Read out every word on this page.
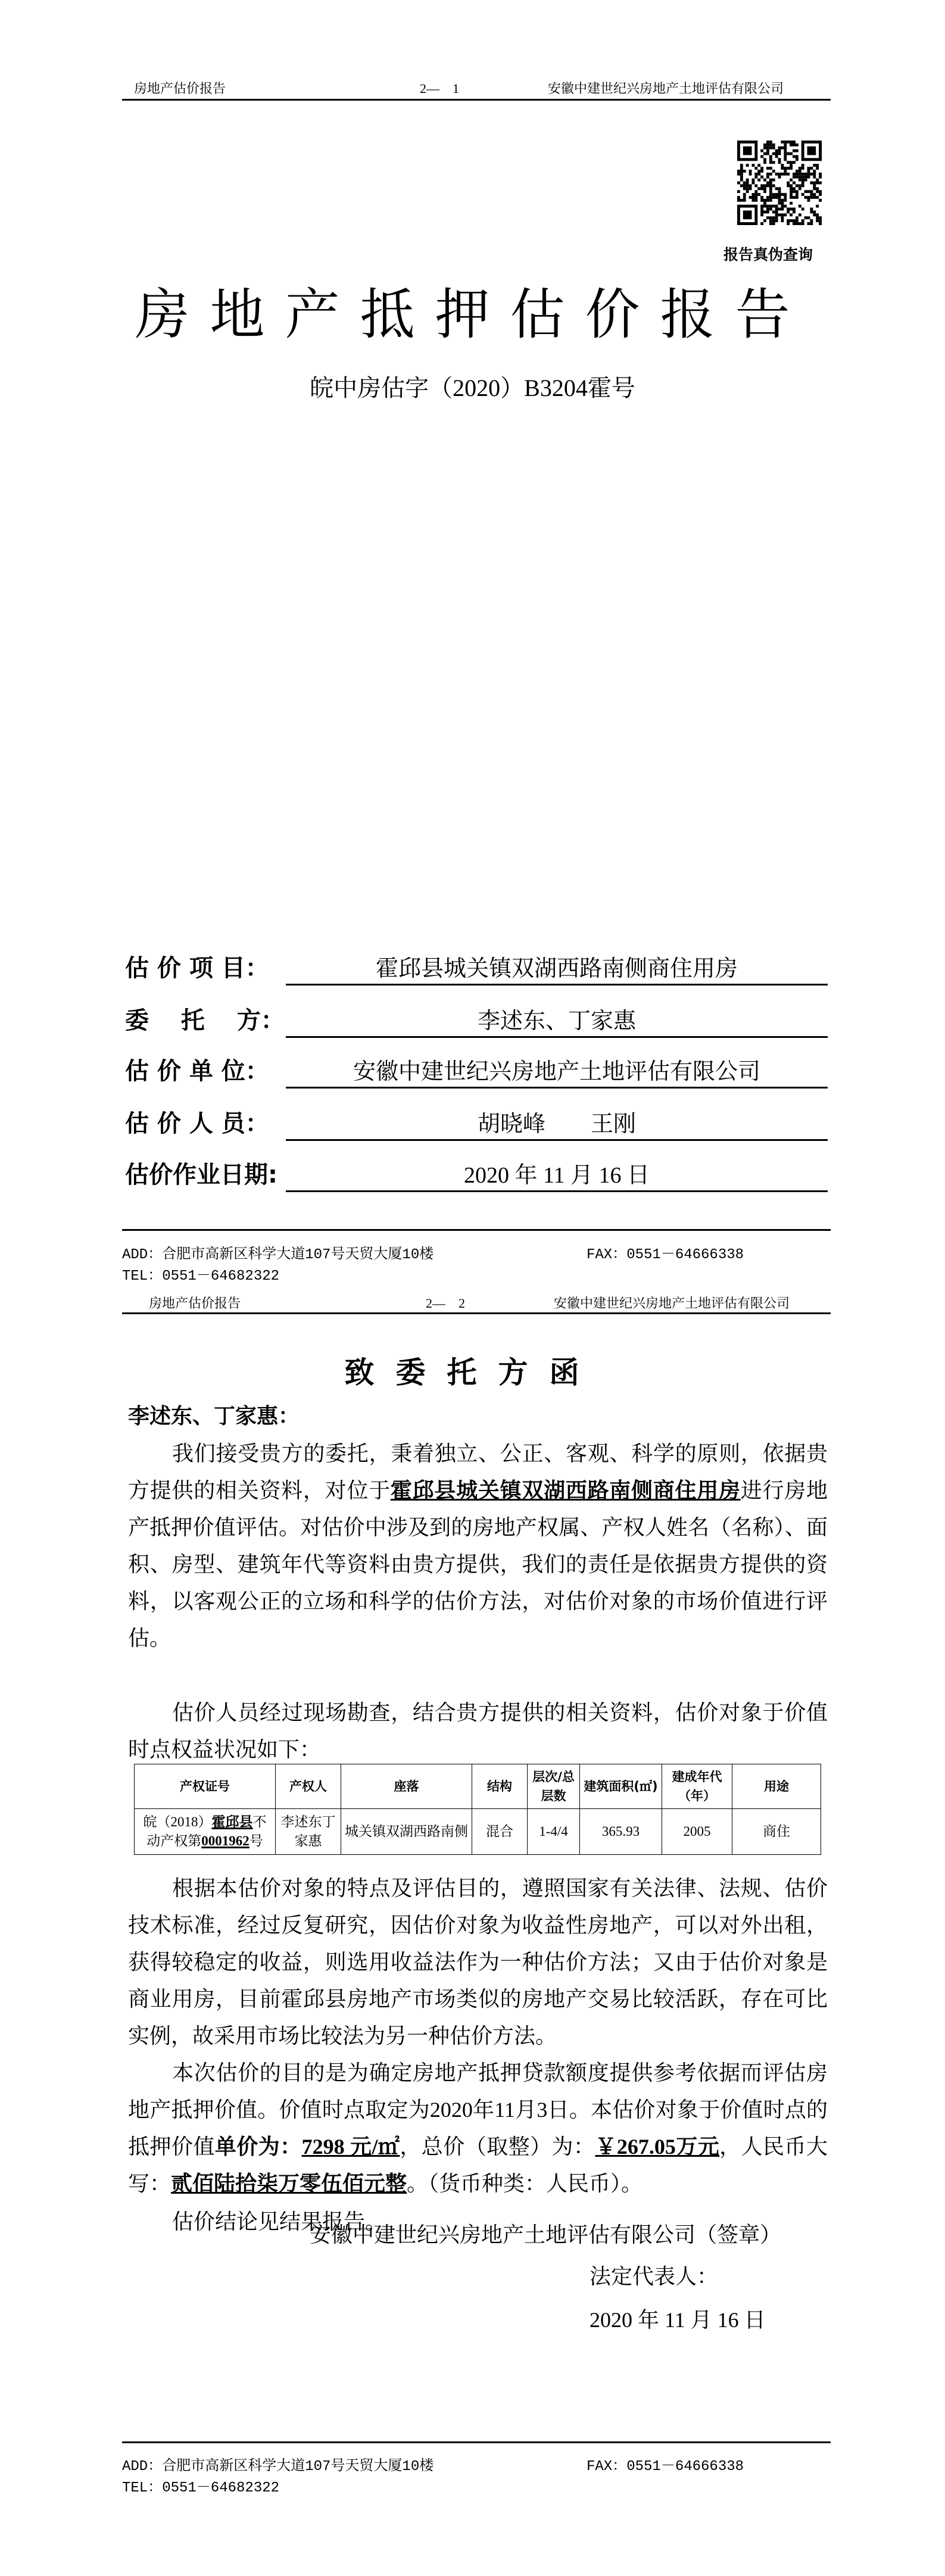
房地产估价报告	2—　1	安徽中建世纪兴房地产土地评估有限公司
报告真伪查询
房地产抵押估价报告
皖中房估字（2020）B3204霍号
估 价 项 目：	霍邱县城关镇双湖西路南侧商住用房
委　 托　 方：	李述东、丁家惠
估 价 单 位：	安徽中建世纪兴房地产土地评估有限公司
估 价 人 员：	胡晓峰　　王刚
估价作业日期:	2020 年 11 月 16 日
ADD：合肥市高新区科学大道107号天贸大厦10楼	FAX：0551－64666338
TEL：0551－64682322
房地产估价报告	2—　2	安徽中建世纪兴房地产土地评估有限公司
致委托方函
李述东、丁家惠：
我们接受贵方的委托，秉着独立、公正、客观、科学的原则，依据贵方提供的相关资料，对位于霍邱县城关镇双湖西路南侧商住用房进行房地产抵押价值评估。对估价中涉及到的房地产权属、产权人姓名（名称）、面积、房型、建筑年代等资料由贵方提供，我们的责任是依据贵方提供的资料，以客观公正的立场和科学的估价方法，对估价对象的市场价值进行评估。
估价人员经过现场勘查，结合贵方提供的相关资料，估价对象于价值时点权益状况如下：
产权证号	产权人	座落	结构	层次/总层数	建筑面积(㎡)	建成年代（年）	用途
皖（2018）霍邱县不动产权第0001962号	李述东丁家惠	城关镇双湖西路南侧	混合	1-4/4	365.93	2005	商住
根据本估价对象的特点及评估目的，遵照国家有关法律、法规、估价技术标准，经过反复研究，因估价对象为收益性房地产，可以对外出租，获得较稳定的收益，则选用收益法作为一种估价方法；又由于估价对象是商业用房，目前霍邱县房地产市场类似的房地产交易比较活跃，存在可比实例，故采用市场比较法为另一种估价方法。
本次估价的目的是为确定房地产抵押贷款额度提供参考依据而评估房地产抵押价值。价值时点取定为2020年11月3日。本估价对象于价值时点的抵押价值单价为：7298 元/㎡，总价（取整）为：￥267.05万元，人民币大写：贰佰陆拾柒万零伍佰元整。（货币种类：人民币）。
估价结论见结果报告。
安徽中建世纪兴房地产土地评估有限公司（签章）
法定代表人：
2020 年 11 月 16 日
ADD：合肥市高新区科学大道107号天贸大厦10楼	FAX：0551－64666338
TEL：0551－64682322
